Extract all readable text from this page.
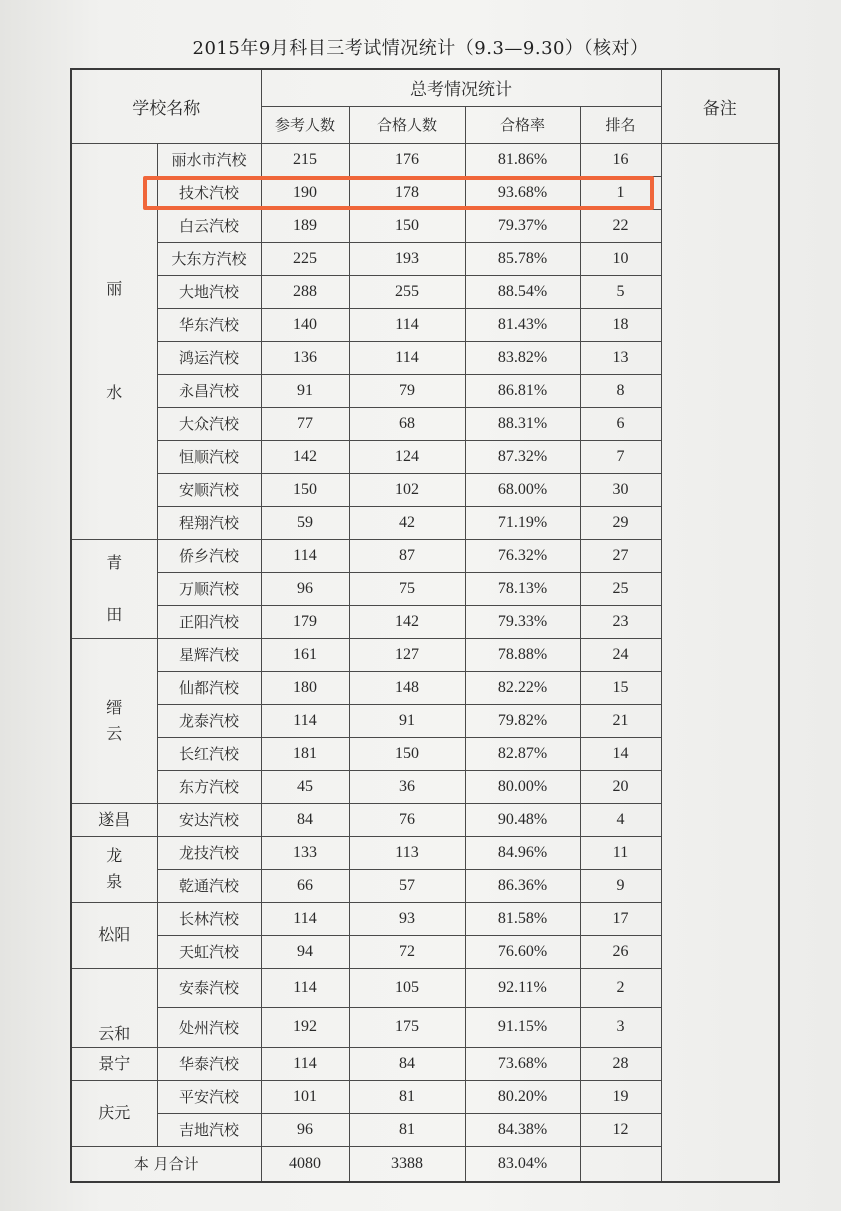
2015年9月科目三考试情况统计（9.3—9.30）（核对）
学校名称		总考情况统计				备注
		参考人数	合格人数	合格率	排名	
丽

水	丽水市汽校	215	176	81.86%	16	
	技术汽校	190	178	93.68%	1	
	白云汽校	189	150	79.37%	22	
	大东方汽校	225	193	85.78%	10	
	大地汽校	288	255	88.54%	5	
	华东汽校	140	114	81.43%	18	
	鸿运汽校	136	114	83.82%	13	
	永昌汽校	91	79	86.81%	8	
	大众汽校	77	68	88.31%	6	
	恒顺汽校	142	124	87.32%	7	
	安顺汽校	150	102	68.00%	30	
	程翔汽校	59	42	71.19%	29	
青

田	侨乡汽校	114	87	76.32%	27	
	万顺汽校	96	75	78.13%	25	
	正阳汽校	179	142	79.33%	23	
缙
云	星辉汽校	161	127	78.88%	24	
	仙都汽校	180	148	82.22%	15	
	龙泰汽校	114	91	79.82%	21	
	长红汽校	181	150	82.87%	14	
	东方汽校	45	36	80.00%	20	
遂昌	安达汽校	84	76	90.48%	4	
龙
泉	龙技汽校	133	113	84.96%	11	
	乾通汽校	66	57	86.36%	9	
松阳	长林汽校	114	93	81.58%	17	
	天虹汽校	94	72	76.60%	26	

云和	安泰汽校	114	105	92.11%	2	
	处州汽校	192	175	91.15%	3	
景宁	华泰汽校	114	84	73.68%	28	
庆元	平安汽校	101	81	80.20%	19	
	吉地汽校	96	81	84.38%	12	
本 月合计		4080	3388	83.04%		
